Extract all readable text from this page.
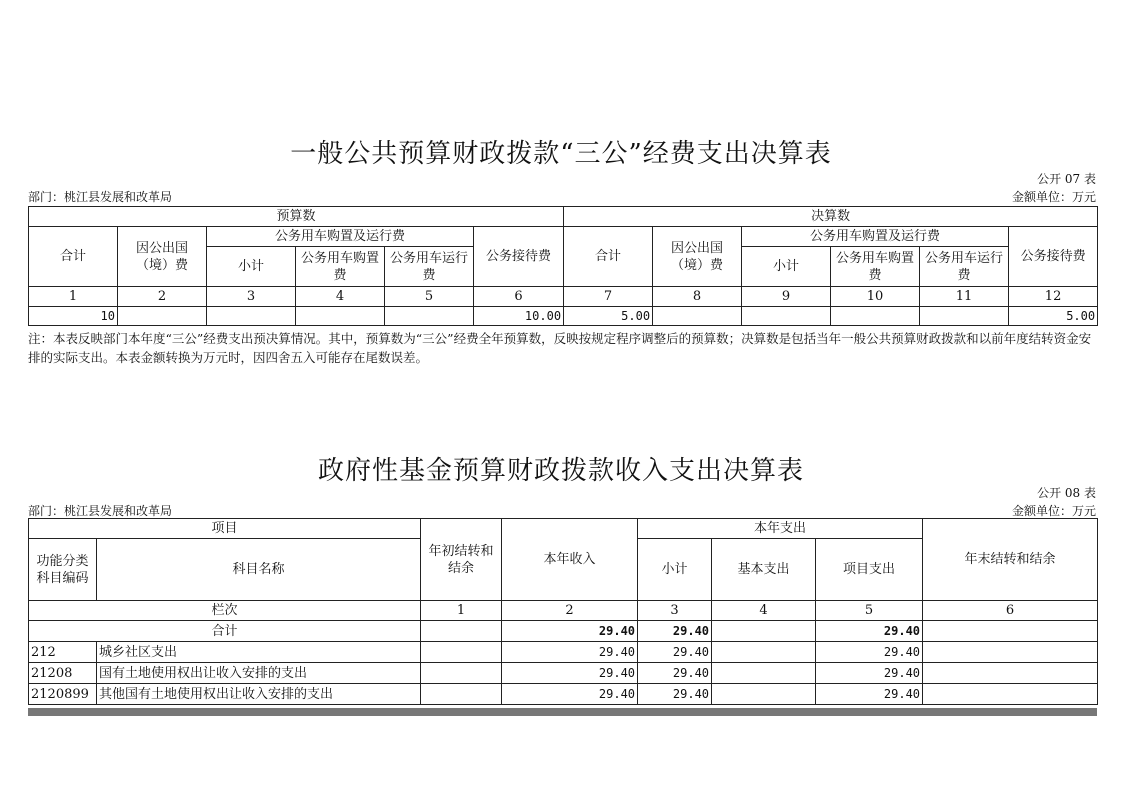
一般公共预算财政拨款“三公”经费支出决算表
公开 07 表
部门：桃江县发展和改革局	金额单位：万元
预算数						决算数					
合计	因公出国（境）费	公务用车购置及运行费			公务接待费	合计	因公出国（境）费	公务用车购置及运行费			公务接待费
		小计	公务用车购置费	公务用车运行费				小计	公务用车购置费	公务用车运行费	
1	2	3	4	5	6	7	8	9	10	11	12
10					10.00	5.00					5.00
注：本表反映部门本年度“三公”经费支出预决算情况。其中，预算数为“三公”经费全年预算数，反映按规定程序调整后的预算数；决算数是包括当年一般公共预算财政拨款和以前年度结转资金安排的实际支出。本表金额转换为万元时，因四舍五入可能存在尾数误差。
政府性基金预算财政拨款收入支出决算表
公开 08 表
部门：桃江县发展和改革局	金额单位：万元
项目		年初结转和结余	本年收入	本年支出			年末结转和结余
功能分类科目编码	科目名称			小计	基本支出	项目支出	
栏次		1	2	3	4	5	6
合计			29.40	29.40		29.40	
212	城乡社区支出		29.40	29.40		29.40	
21208	国有土地使用权出让收入安排的支出		29.40	29.40		29.40	
2120899	其他国有土地使用权出让收入安排的支出		29.40	29.40		29.40	
